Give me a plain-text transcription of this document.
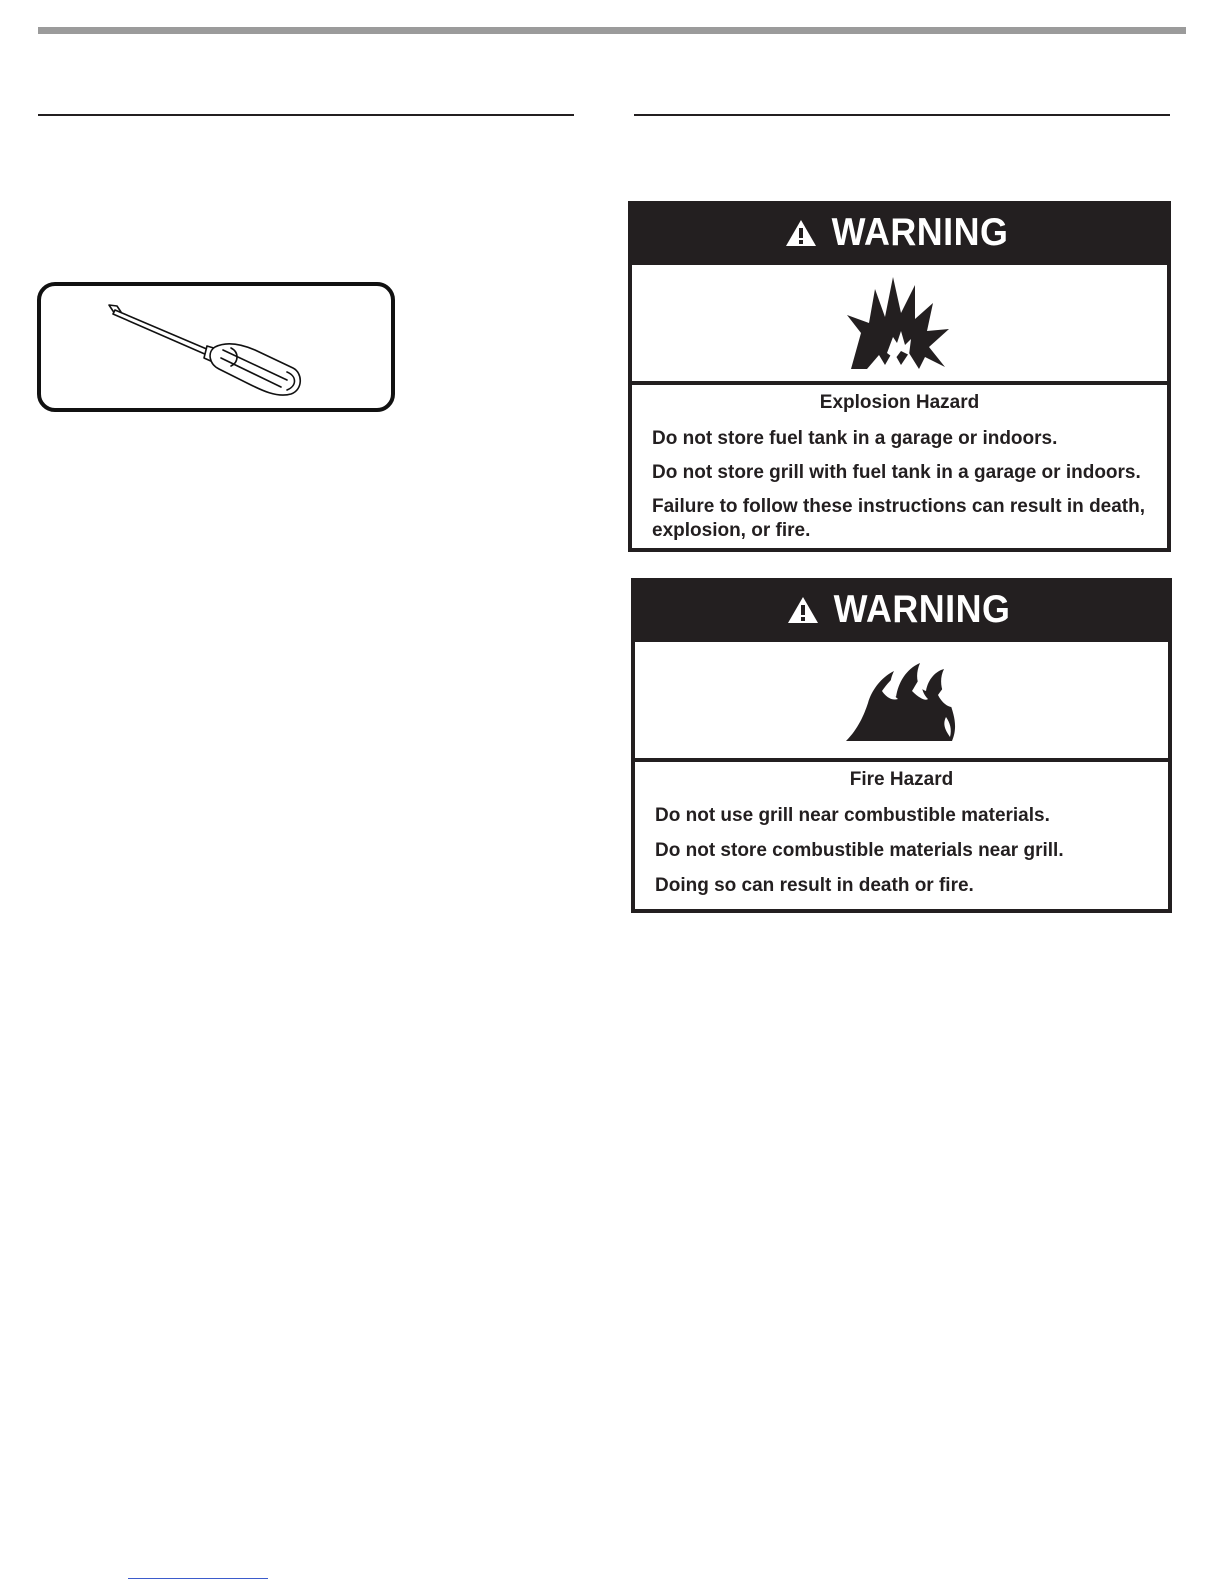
WARNING

Explosion Hazard

Do not store fuel tank in a garage or indoors.

Do not store grill with fuel tank in a garage or indoors.

Failure to follow these instructions can result in death, explosion, or fire.

WARNING

Fire Hazard

Do not use grill near combustible materials.

Do not store combustible materials near grill.

Doing so can result in death or fire.
